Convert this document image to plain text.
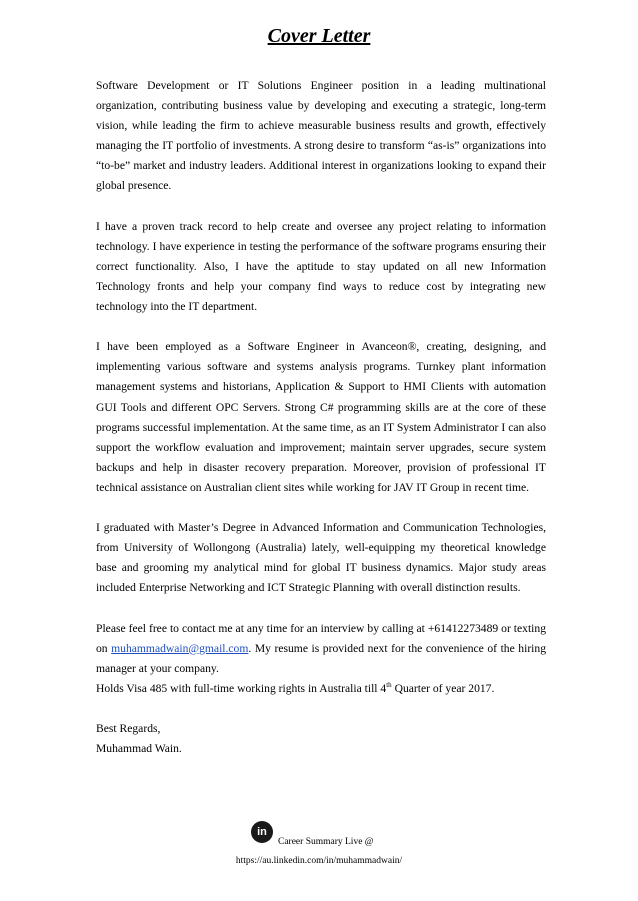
Cover Letter

Software Development or IT Solutions Engineer position in a leading multinational organization, contributing business value by developing and executing a strategic, long-term vision, while leading the firm to achieve measurable business results and growth, effectively managing the IT portfolio of investments. A strong desire to transform “as-is” organizations into “to-be” market and industry leaders. Additional interest in organizations looking to expand their global presence.

I have a proven track record to help create and oversee any project relating to information technology. I have experience in testing the performance of the software programs ensuring their correct functionality. Also, I have the aptitude to stay updated on all new Information Technology fronts and help your company find ways to reduce cost by integrating new technology into the IT department.

I have been employed as a Software Engineer in Avanceon®, creating, designing, and implementing various software and systems analysis programs. Turnkey plant information management systems and historians, Application & Support to HMI Clients with automation GUI Tools and different OPC Servers. Strong C# programming skills are at the core of these programs successful implementation. At the same time, as an IT System Administrator I can also support the workflow evaluation and improvement; maintain server upgrades, secure system backups and help in disaster recovery preparation. Moreover, provision of professional IT technical assistance on Australian client sites while working for JAV IT Group in recent time.

I graduated with Master’s Degree in Advanced Information and Communication Technologies, from University of Wollongong (Australia) lately, well-equipping my theoretical knowledge base and grooming my analytical mind for global IT business dynamics. Major study areas included Enterprise Networking and ICT Strategic Planning with overall distinction results.

Please feel free to contact me at any time for an interview by calling at +61412273489 or texting on muhammadwain@gmail.com. My resume is provided next for the convenience of the hiring manager at your company.

Holds Visa 485 with full-time working rights in Australia till 4th Quarter of year 2017.

Best Regards,

Muhammad Wain.

in
Career Summary Live @
https://au.linkedin.com/in/muhammadwain/
